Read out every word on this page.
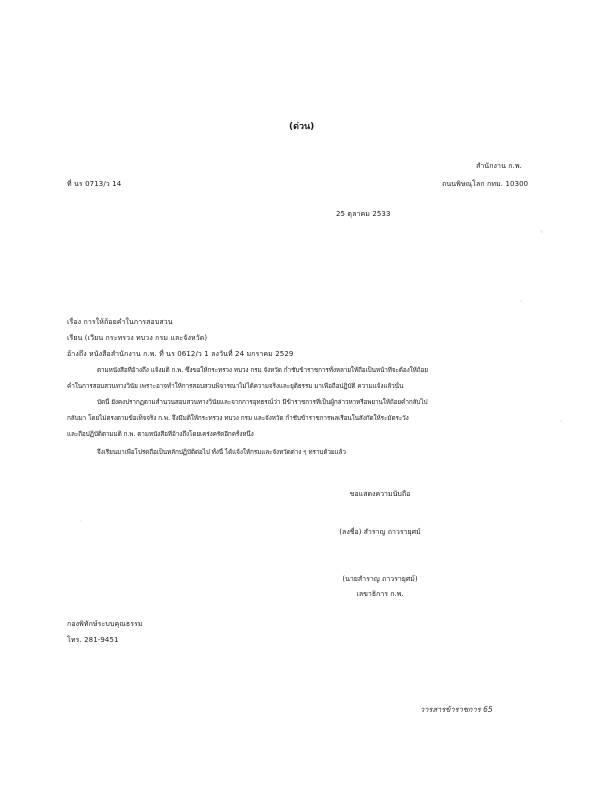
(ด่วน)
สำนักงาน ก.พ.
ถนนพิษณุโลก กทม. 10300
ที่ นร 0713/ว 14
25 ตุลาคม 2533
เรื่อง การให้ถ้อยคำในการสอบสวน
เรียน (เวียน กระทรวง ทบวง กรม และจังหวัด)
อ้างถึง หนังสือสำนักงาน ก.พ. ที่ นร 0612/ว 1 ลงวันที่ 24 มกราคม 2529
ตามหนังสือที่อ้างถึง แจ้งมติ ก.พ. ซึ่งขอให้กระทรวง ทบวง กรม จังหวัด กำชับข้าราชการทั้งหลายให้ถือเป็นหน้าที่จะต้องให้ถ้อย
คำในการสอบสวนทางวินัย เพราะอาจทำให้การสอบสวนพิจารณาไม่ได้ความจริงและยุติธรรม มาเพื่อถือปฏิบัติ ความแจ้งแล้วนั้น
บัดนี้ ยังคงปรากฏตามสำนวนสอบสวนทางวินัยและจากการอุทธรณ์ว่า มีข้าราชการที่เป็นผู้กล่าวหาหรือพยานให้ถ้อยคำกลับไป
กลับมา โดยไม่ตรงตามข้อเท็จจริง ก.พ. จึงมีมติให้กระทรวง ทบวง กรม และจังหวัด กำชับข้าราชการพลเรือนในสังกัดให้ระมัดระวัง
และถือปฏิบัติตามมติ ก.พ. ตามหนังสือที่อ้างถึงโดยเคร่งครัดอีกครั้งหนึ่ง
จึงเรียนมาเพื่อโปรดถือเป็นหลักปฏิบัติต่อไป ทั้งนี้ ได้แจ้งให้กรมและจังหวัดต่าง ๆ ทราบด้วยแล้ว
ขอแสดงความนับถือ
(ลงชื่อ) สำราญ ถาวรายุศม์
(นายสำราญ ถาวรายุศม์)
เลขาธิการ ก.พ.
กองพิทักษ์ระบบคุณธรรม
โทร. 281-9451
วารสารข้าราชการ 65
